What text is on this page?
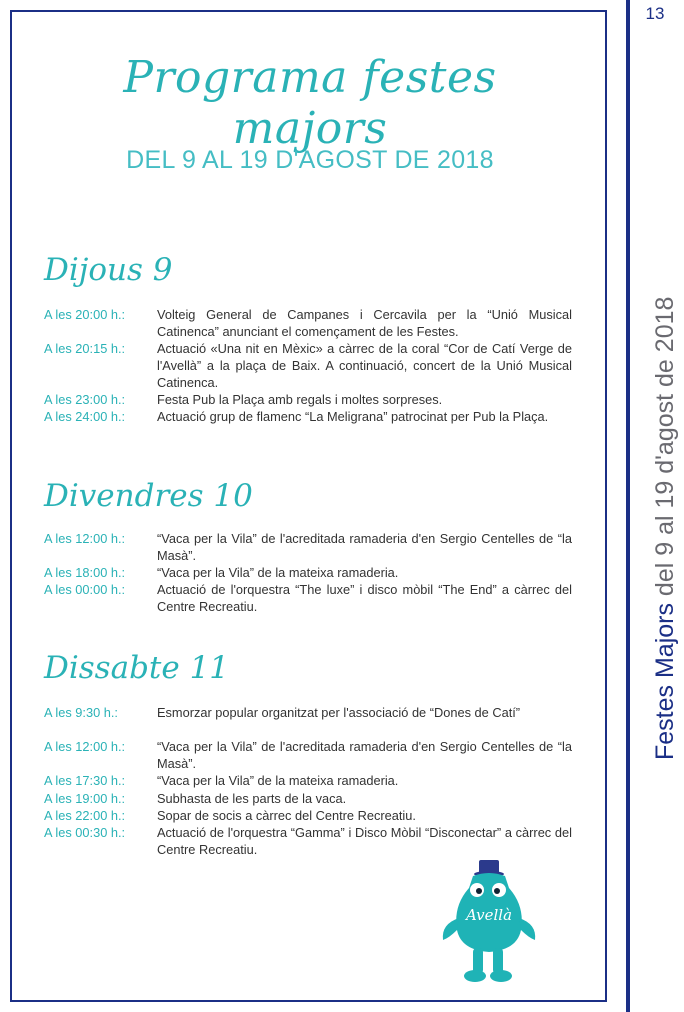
13
Festes Majors del 9 al 19 d'agost de 2018
Programa festes majors
DEL 9 AL 19 D'AGOST DE 2018
Dijous 9
A les 20:00 h.:	Volteig General de Campanes i Cercavila per la “Unió Musical Catinenca” anunciant el començament de les Festes.
A les 20:15 h.:	Actuació «Una nit en Mèxic» a càrrec de la coral “Cor de Catí Verge de l'Avellà” a la plaça de Baix. A continuació, concert de la Unió Musical Catinenca.
A les 23:00 h.:	Festa Pub la Plaça amb regals i moltes sorpreses.
A les 24:00 h.:	Actuació grup de flamenc “La Meligrana” patrocinat per Pub la Plaça.
Divendres 10
A les 12:00 h.:	“Vaca per la Vila” de l'acreditada ramaderia d'en Sergio Centelles de “la Masà”.
A les 18:00 h.:	“Vaca per la Vila” de la mateixa ramaderia.
A les 00:00 h.:	Actuació de l'orquestra “The luxe” i disco mòbil “The End” a càrrec del Centre Recreatiu.
Dissabte 11
A les 9:30 h.:	Esmorzar popular organitzat per l'associació de “Dones de Catí”
A les 12:00 h.:	“Vaca per la Vila” de l'acreditada ramaderia d'en Sergio Centelles de “la Masà”.
A les 17:30 h.:	“Vaca per la Vila” de la mateixa ramaderia.
A les 19:00 h.:	Subhasta de les parts de la vaca.
A les 22:00 h.:	Sopar de socis a càrrec del Centre Recreatiu.
A les 00:30 h.:	Actuació de l'orquestra “Gamma” i Disco Mòbil “Disconectar” a càrrec del Centre Recreatiu.
Avellà
